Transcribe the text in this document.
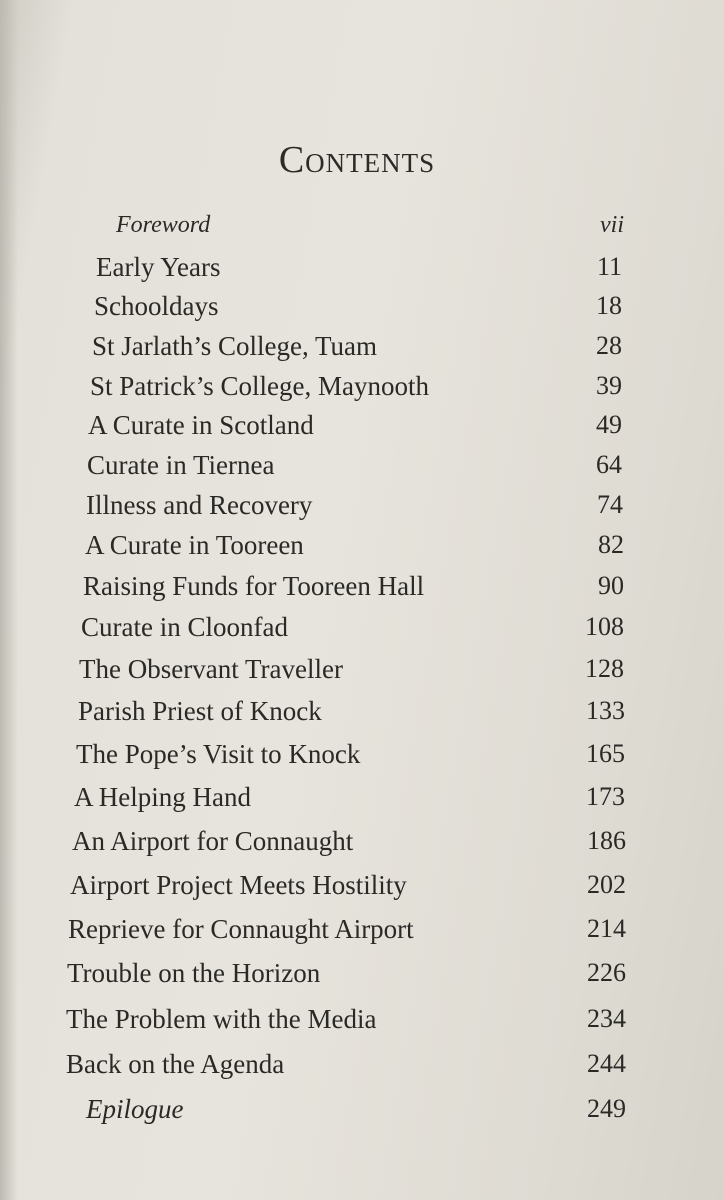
Contents
Foreword	vii
Early Years	11
Schooldays	18
St Jarlath’s College, Tuam	28
St Patrick’s College, Maynooth	39
A Curate in Scotland	49
Curate in Tiernea	64
Illness and Recovery	74
A Curate in Tooreen	82
Raising Funds for Tooreen Hall	90
Curate in Cloonfad	108
The Observant Traveller	128
Parish Priest of Knock	133
The Pope’s Visit to Knock	165
A Helping Hand	173
An Airport for Connaught	186
Airport Project Meets Hostility	202
Reprieve for Connaught Airport	214
Trouble on the Horizon	226
The Problem with the Media	234
Back on the Agenda	244
Epilogue	249
